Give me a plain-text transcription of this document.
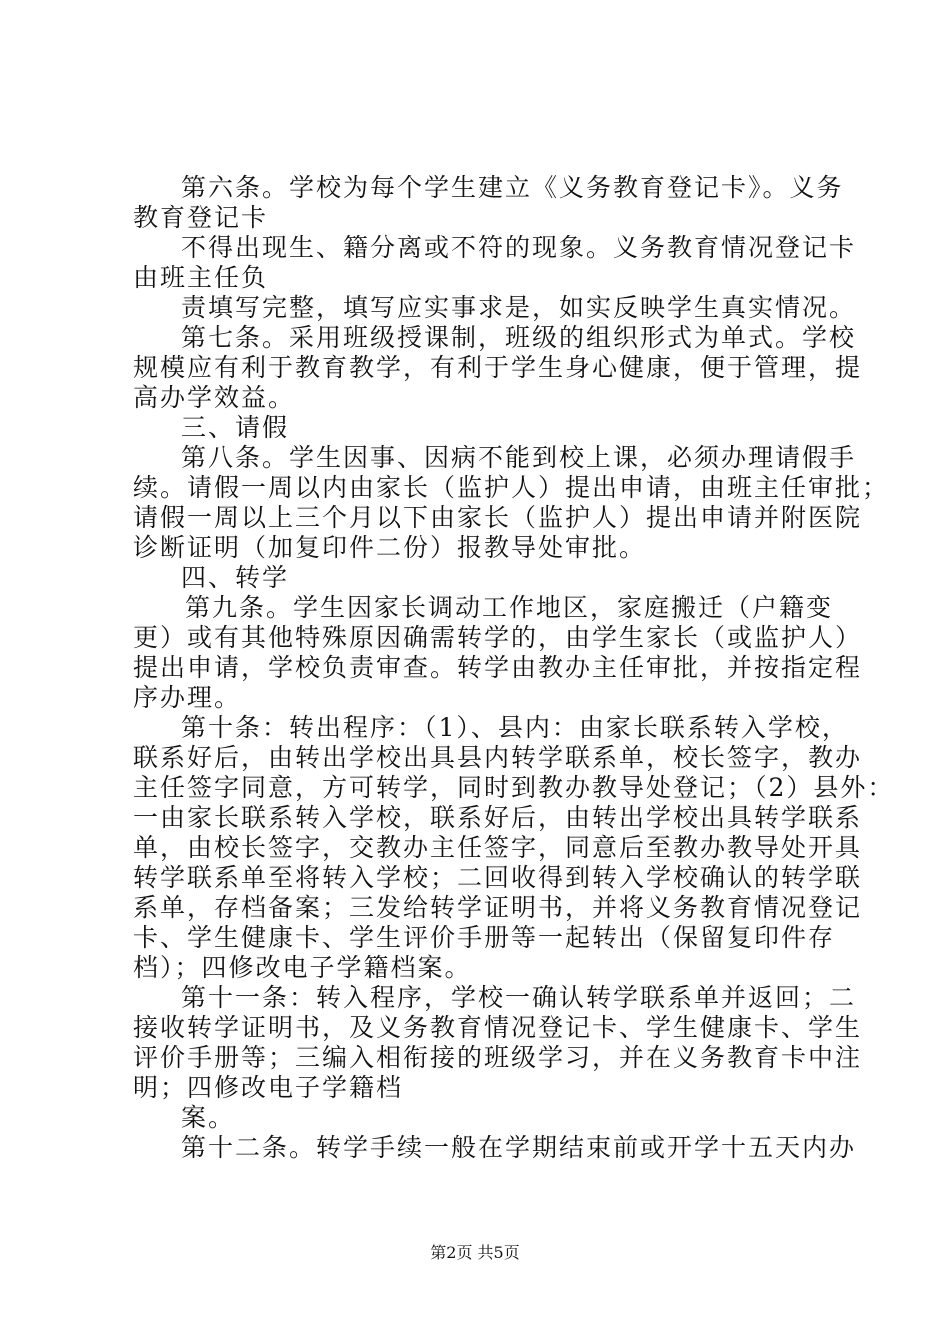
第六条。学校为每个学生建立《义务教育登记卡》。义务
教育登记卡
不得出现生、籍分离或不符的现象。义务教育情况登记卡
由班主任负
责填写完整，填写应实事求是，如实反映学生真实情况。
第七条。采用班级授课制，班级的组织形式为单式。学校
规模应有利于教育教学，有利于学生身心健康，便于管理，提
高办学效益。
三、请假
第八条。学生因事、因病不能到校上课，必须办理请假手
续。请假一周以内由家长（监护人）提出申请，由班主任审批；
请假一周以上三个月以下由家长（监护人）提出申请并附医院
诊断证明（加复印件二份）报教导处审批。
四、转学
第九条。学生因家长调动工作地区，家庭搬迁（户籍变
更）或有其他特殊原因确需转学的，由学生家长（或监护人）
提出申请，学校负责审查。转学由教办主任审批，并按指定程
序办理。
第十条：转出程序：（1）、县内：由家长联系转入学校，
联系好后，由转出学校出具县内转学联系单，校长签字，教办
主任签字同意，方可转学，同时到教办教导处登记；（2）县外：
一由家长联系转入学校，联系好后，由转出学校出具转学联系
单，由校长签字，交教办主任签字，同意后至教办教导处开具
转学联系单至将转入学校；二回收得到转入学校确认的转学联
系单，存档备案；三发给转学证明书，并将义务教育情况登记
卡、学生健康卡、学生评价手册等一起转出（保留复印件存
档）；四修改电子学籍档案。
第十一条：转入程序，学校一确认转学联系单并返回；二
接收转学证明书，及义务教育情况登记卡、学生健康卡、学生
评价手册等；三编入相衔接的班级学习，并在义务教育卡中注
明；四修改电子学籍档
案。
第十二条。转学手续一般在学期结束前或开学十五天内办
第2页 共5页
